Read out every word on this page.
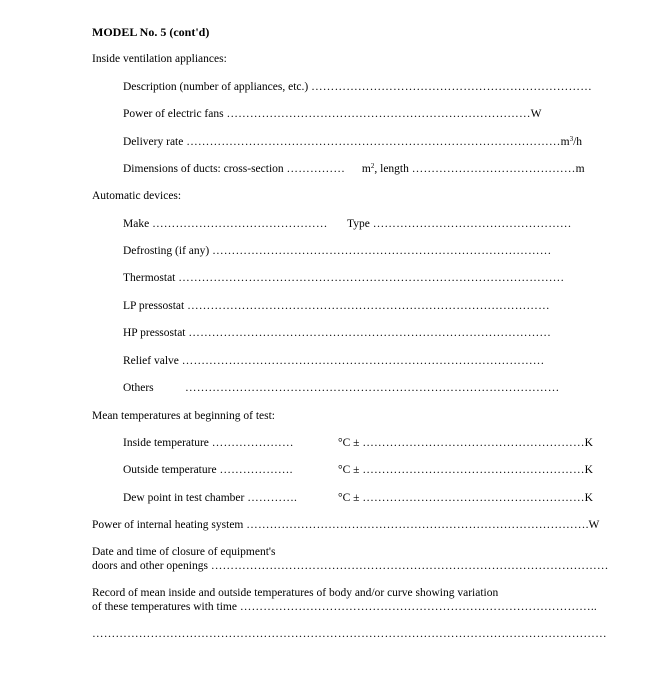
MODEL No. 5 (cont'd)
Inside ventilation appliances:
Description (number of appliances, etc.) ………………………………………………………………
Power of electric fans ……………………………………………………………………W
Delivery rate $\dots\dots\dots\dots\dots\dots\dots\dots\dots\dots\dots\dots\dots\dots\dots\dots\dots\dots\dots\dots\dots\dots\dots\dots\dots\dots\dots\dots\dots\dots\dots\dots m^3/h$
Dimensions of ducts: cross-section …………… $m^2$, length ……………………………………m
Automatic devices:
Make ……………………………………… Type ……………………………………………
Defrosting (if any) ……………………………………………………………………………
Thermostat ………………………………………………………………………………………
LP pressostat …………………………………………………………………………………
HP pressostat …………………………………………………………………………………
Relief valve …………………………………………………………………………………
Others	……………………………………………………………………………………
Mean temperatures at beginning of test:
Inside temperature …………………	°C ± …………………………………………………K
Outside temperature ……………….	°C ± …………………………………………………K
Dew point in test chamber ………….	°C ± …………………………………………………K
Power of internal heating system …………………………………………………………………………….W
Date and time of closure of equipment's
doors and other openings …………………………………………………………………………………………
Record of mean inside and outside temperatures of body and/or curve showing variation
of these temperatures with time ………………………………………………………………………………..
……………………………………………………………………………………………………………………
